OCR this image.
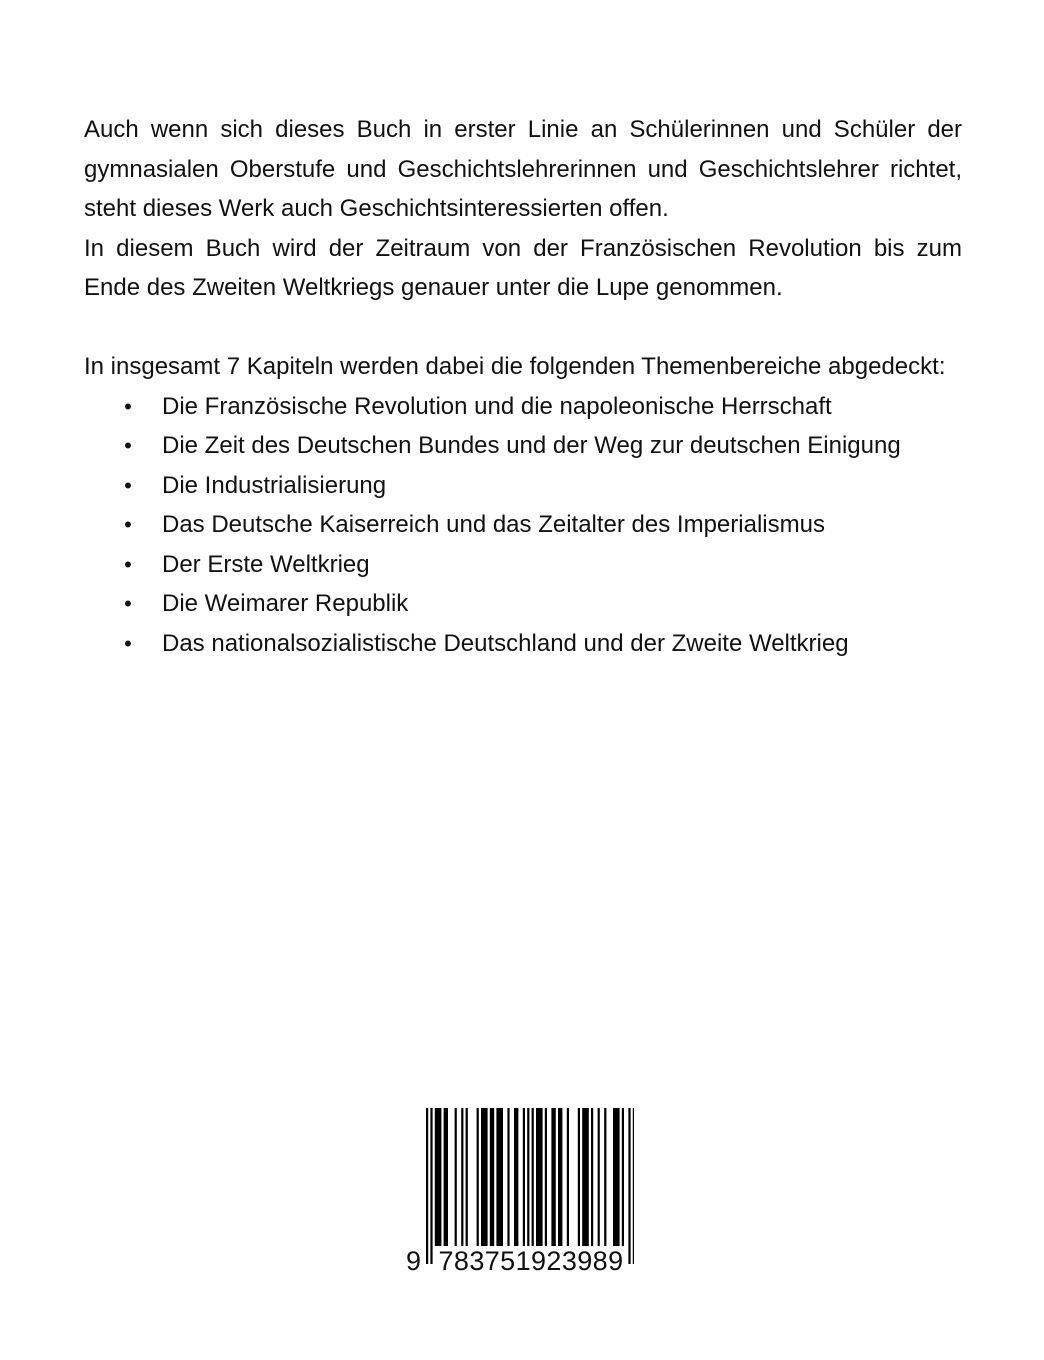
Auch wenn sich dieses Buch in erster Linie an Schülerinnen und Schüler der gymnasialen Oberstufe und Geschichtslehrerinnen und Geschichtslehrer richtet, steht dieses Werk auch Geschichtsinteressierten offen.

In diesem Buch wird der Zeitraum von der Französischen Revolution bis zum Ende des Zweiten Weltkriegs genauer unter die Lupe genommen.

In insgesamt 7 Kapiteln werden dabei die folgenden Themenbereiche abgedeckt:

• Die Französische Revolution und die napoleonische Herrschaft
• Die Zeit des Deutschen Bundes und der Weg zur deutschen Einigung
• Die Industrialisierung
• Das Deutsche Kaiserreich und das Zeitalter des Imperialismus
• Der Erste Weltkrieg
• Die Weimarer Republik
• Das nationalsozialistische Deutschland und der Zweite Weltkrieg
9 783751923989
